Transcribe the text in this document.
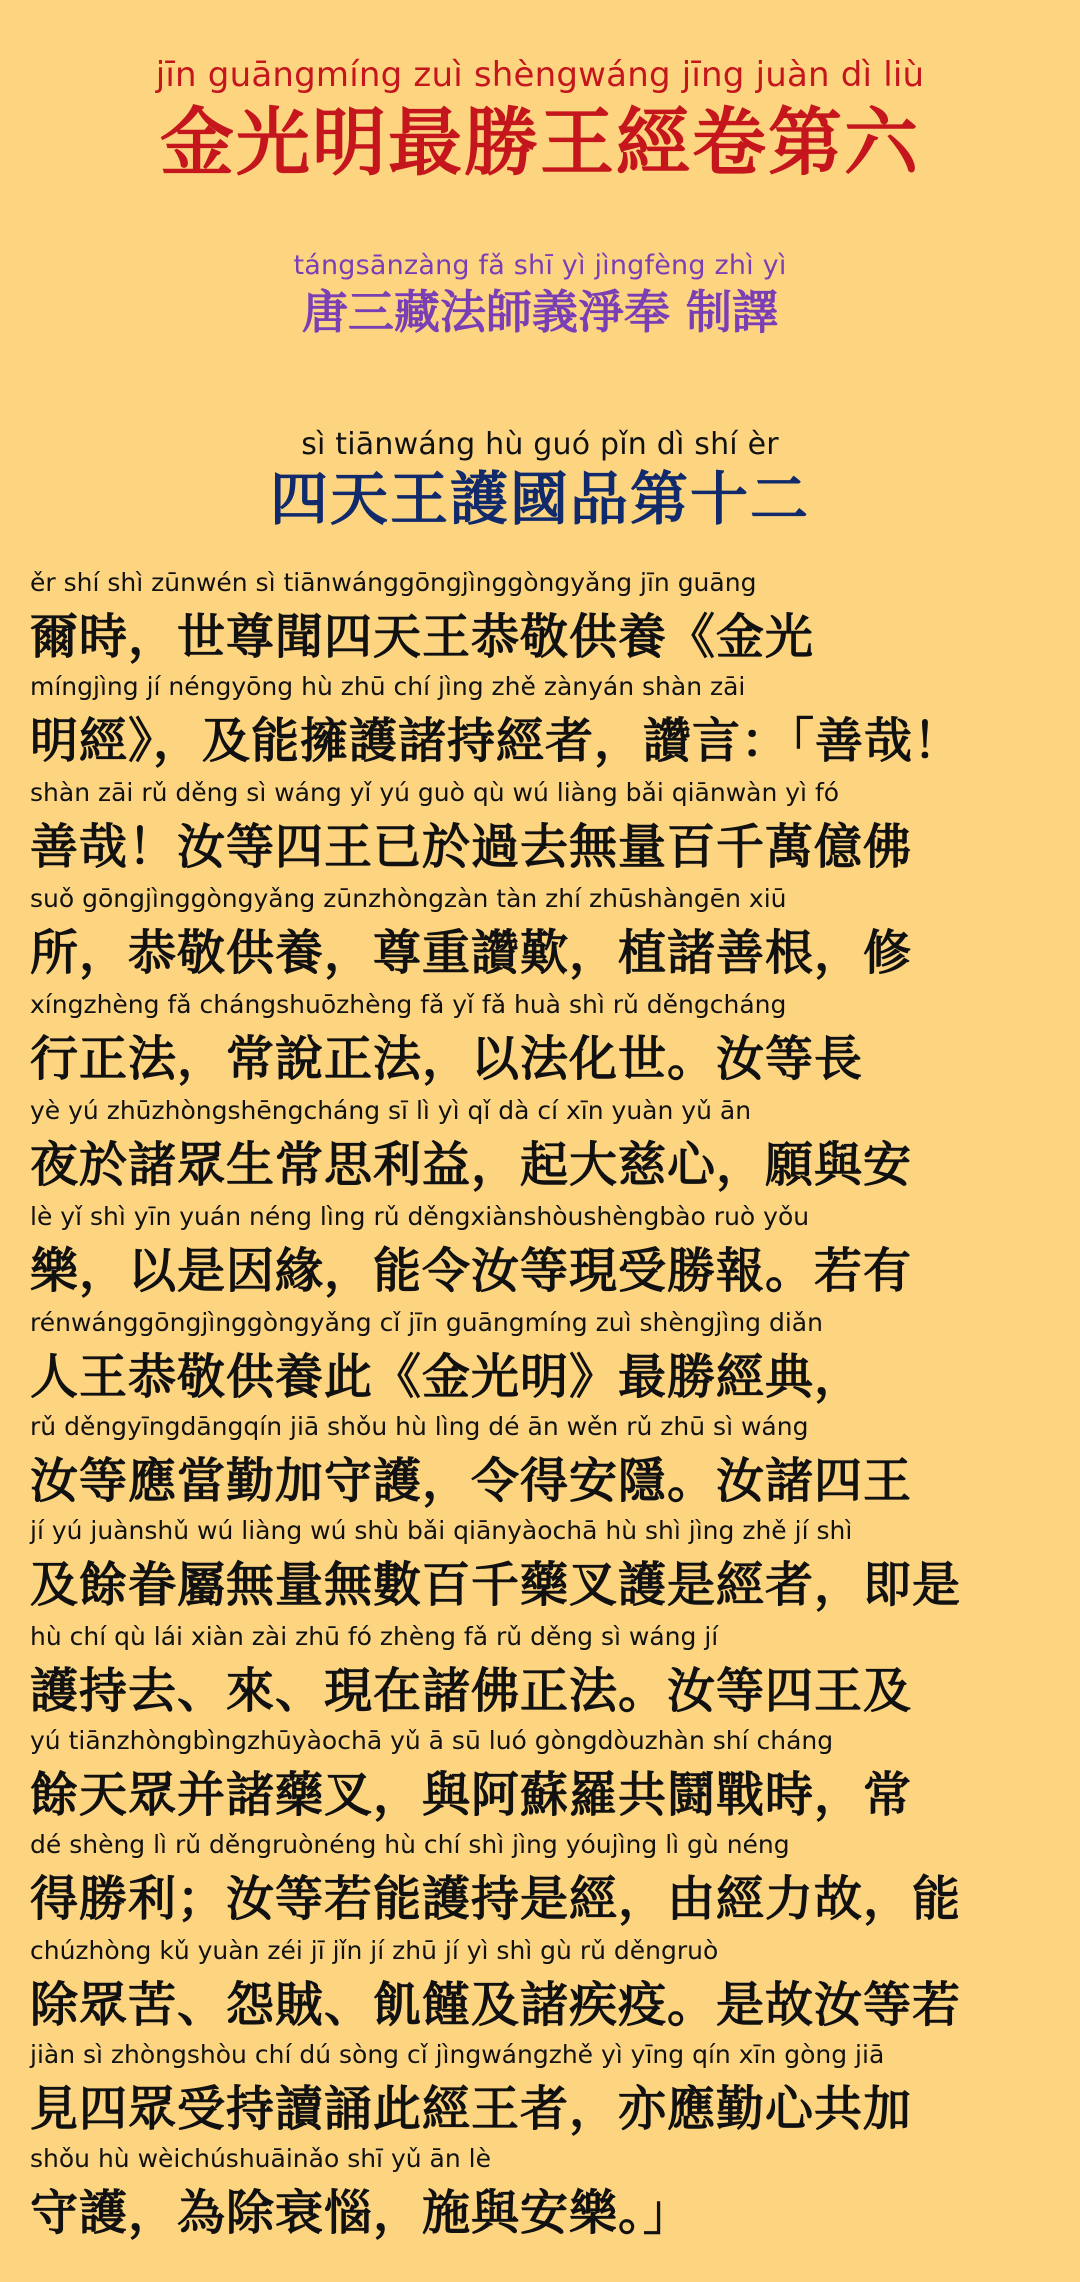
jīn guāngmíng zuì shèngwáng jīng juàn dì liù
金光明最勝王經卷第六
tángsānzàng fǎ shī yì jìngfèng zhì yì
唐三藏法師義淨奉 制譯
sì tiānwáng hù guó pǐn dì shí èr
四天王護國品第十二
ěr shí shì zūnwén sì tiānwánggōngjìnggòngyǎng jīn guāng
爾時，世尊聞四天王恭敬供養《金光
míngjìng jí néngyōng hù zhū chí jìng zhě zànyán shàn zāi
明經》，及能擁護諸持經者，讚言：「善哉！
shàn zāi rǔ děng sì wáng yǐ yú guò qù wú liàng bǎi qiānwàn yì fó
善哉！汝等四王已於過去無量百千萬億佛
suǒ gōngjìnggòngyǎng zūnzhòngzàn tàn zhí zhūshàngēn xiū
所，恭敬供養，尊重讚歎，植諸善根，修
xíngzhèng fǎ chángshuōzhèng fǎ yǐ fǎ huà shì rǔ děngcháng
行正法，常說正法，以法化世。汝等長
yè yú zhūzhòngshēngcháng sī lì yì qǐ dà cí xīn yuàn yǔ ān
夜於諸眾生常思利益，起大慈心，願與安
lè yǐ shì yīn yuán néng lìng rǔ děngxiànshòushèngbào ruò yǒu
樂，以是因緣，能令汝等現受勝報。若有
rénwánggōngjìnggòngyǎng cǐ jīn guāngmíng zuì shèngjìng diǎn
人王恭敬供養此《金光明》最勝經典，
rǔ děngyīngdāngqín jiā shǒu hù lìng dé ān wěn rǔ zhū sì wáng
汝等應當勤加守護，令得安隱。汝諸四王
jí yú juànshǔ wú liàng wú shù bǎi qiānyàochā hù shì jìng zhě jí shì
及餘眷屬無量無數百千藥叉護是經者，即是
hù chí qù lái xiàn zài zhū fó zhèng fǎ rǔ děng sì wáng jí
護持去、來、現在諸佛正法。汝等四王及
yú tiānzhòngbìngzhūyàochā yǔ ā sū luó gòngdòuzhàn shí cháng
餘天眾并諸藥叉，與阿蘇羅共鬪戰時，常
dé shèng lì rǔ děngruònéng hù chí shì jìng yóujìng lì gù néng
得勝利；汝等若能護持是經，由經力故，能
chúzhòng kǔ yuàn zéi jī jǐn jí zhū jí yì shì gù rǔ děngruò
除眾苦、怨賊、飢饉及諸疾疫。是故汝等若
jiàn sì zhòngshòu chí dú sòng cǐ jìngwángzhě yì yīng qín xīn gòng jiā
見四眾受持讀誦此經王者，亦應勤心共加
shǒu hù wèichúshuāinǎo shī yǔ ān lè
守護，為除衰惱，施與安樂。」
